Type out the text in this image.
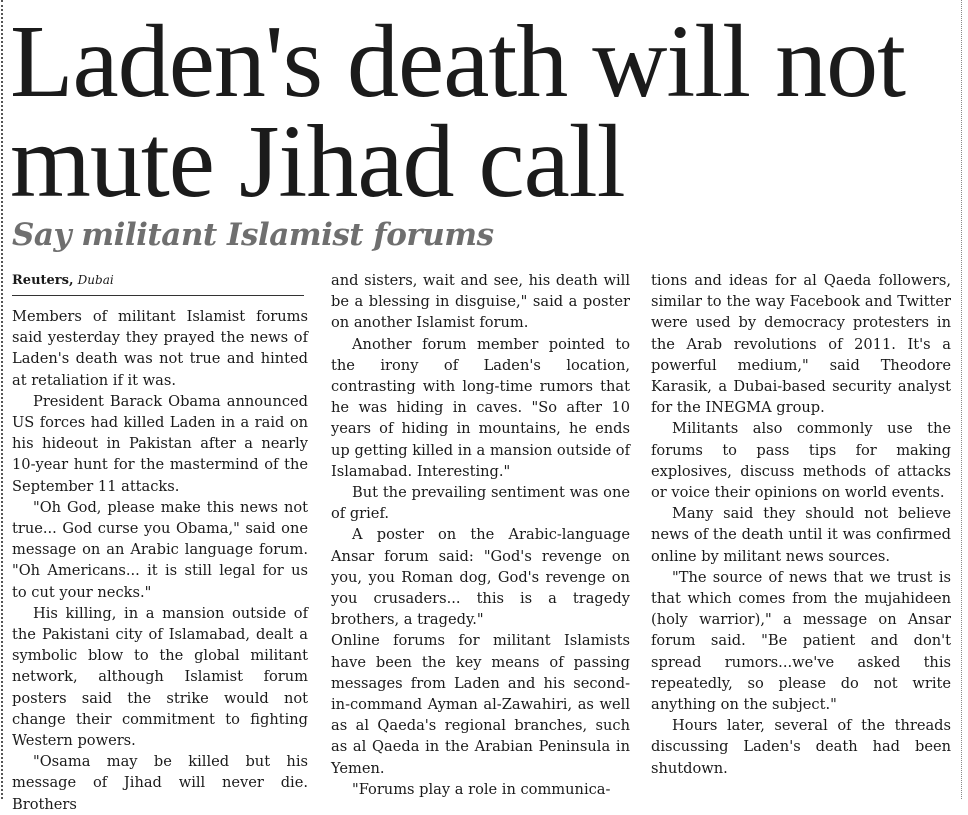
Laden's death will not mute Jihad call
Say militant Islamist forums
Reuters, Dubai

Members of militant Islamist forums said yesterday they prayed the news of Laden's death was not true and hinted at retaliation if it was.

President Barack Obama announced US forces had killed Laden in a raid on his hideout in Pakistan after a nearly 10-year hunt for the mastermind of the September 11 attacks.

"Oh God, please make this news not true... God curse you Obama," said one message on an Arabic language forum. "Oh Americans... it is still legal for us to cut your necks."

His killing, in a mansion outside of the Pakistani city of Islamabad, dealt a symbolic blow to the global militant network, although Islamist forum posters said the strike would not change their commitment to fighting Western powers.

"Osama may be killed but his message of Jihad will never die. Brothers

and sisters, wait and see, his death will be a blessing in disguise," said a poster on another Islamist forum.

Another forum member pointed to the irony of Laden's location, contrasting with long-time rumors that he was hiding in caves. "So after 10 years of hiding in mountains, he ends up getting killed in a mansion outside of Islamabad. Interesting."

But the prevailing sentiment was one of grief.

A poster on the Arabic-language Ansar forum said: "God's revenge on you, you Roman dog, God's revenge on you crusaders... this is a tragedy brothers, a tragedy."

Online forums for militant Islamists have been the key means of passing messages from Laden and his second-in-command Ayman al-Zawahiri, as well as al Qaeda's regional branches, such as al Qaeda in the Arabian Peninsula in Yemen.

"Forums play a role in communica-

tions and ideas for al Qaeda followers, similar to the way Facebook and Twitter were used by democracy protesters in the Arab revolutions of 2011. It's a powerful medium," said Theodore Karasik, a Dubai-based security analyst for the INEGMA group.

Militants also commonly use the forums to pass tips for making explosives, discuss methods of attacks or voice their opinions on world events.

Many said they should not believe news of the death until it was confirmed online by militant news sources.

"The source of news that we trust is that which comes from the mujahideen (holy warrior)," a message on Ansar forum said. "Be patient and don't spread rumors...we've asked this repeatedly, so please do not write anything on the subject."

Hours later, several of the threads discussing Laden's death had been shutdown.
